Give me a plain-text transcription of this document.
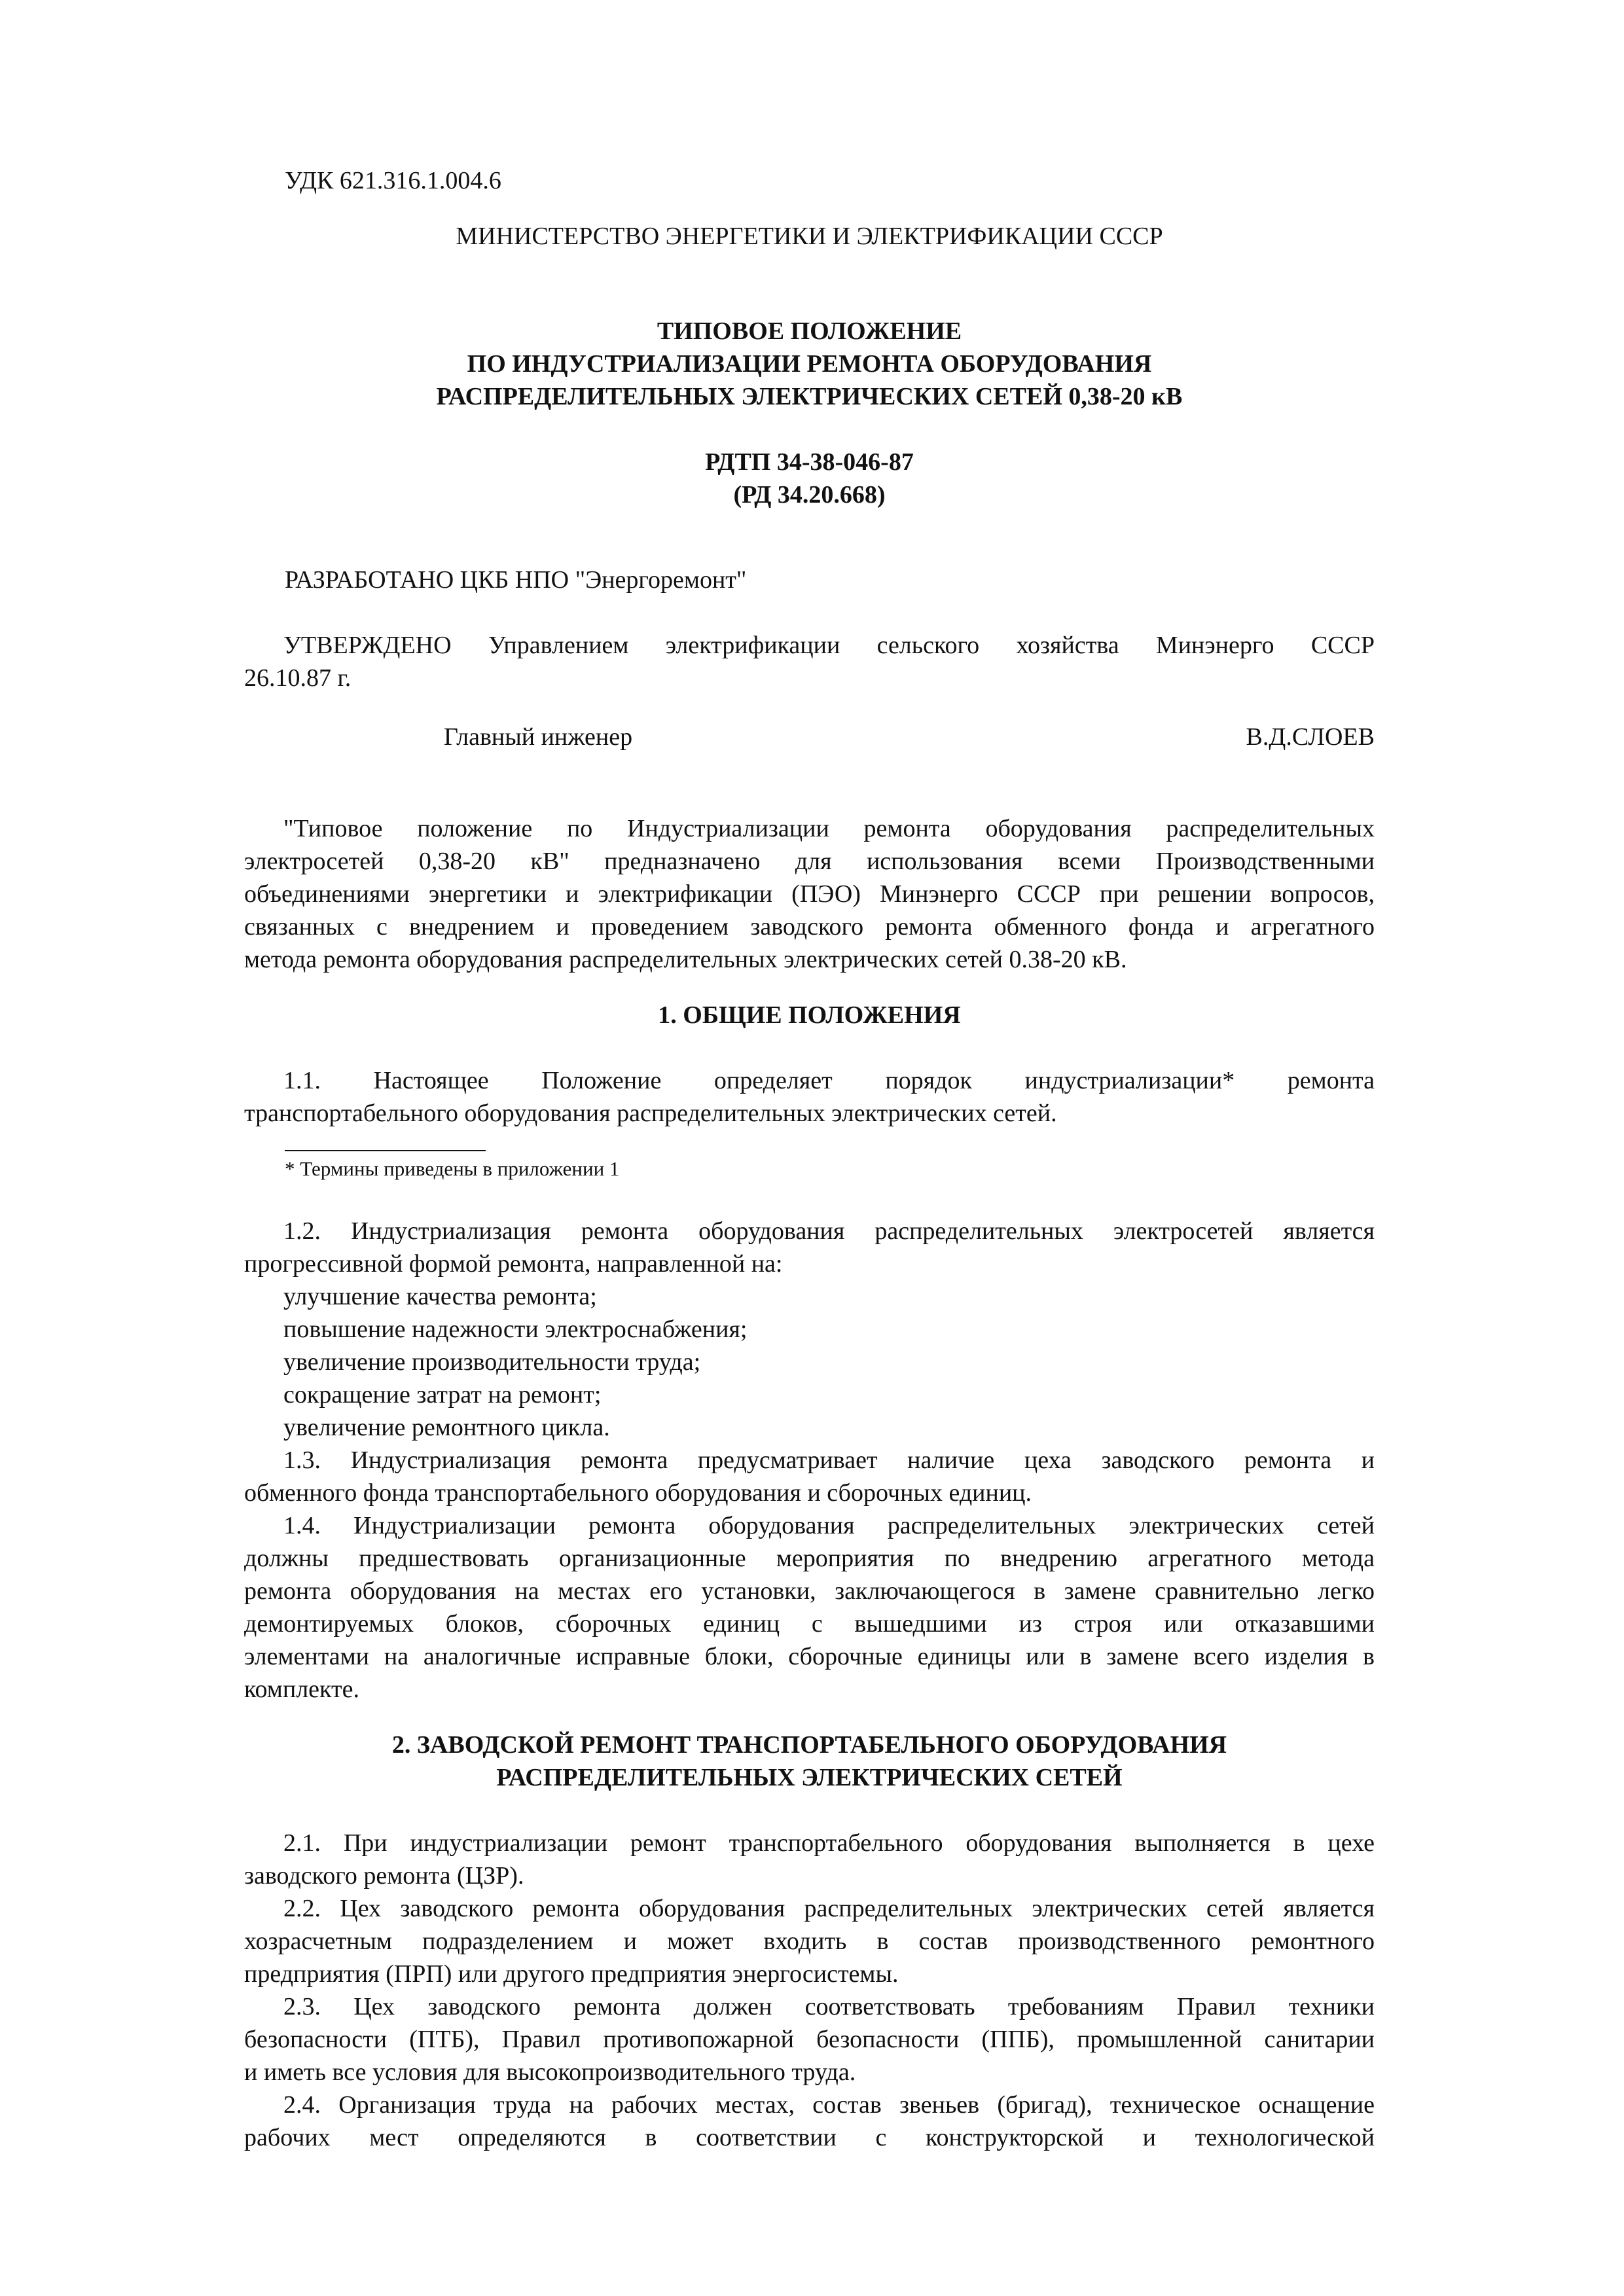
УДК 621.316.1.004.6

МИНИСТЕРСТВО ЭНЕРГЕТИКИ И ЭЛЕКТРИФИКАЦИИ СССР

ТИПОВОЕ ПОЛОЖЕНИЕ

ПО ИНДУСТРИАЛИЗАЦИИ РЕМОНТА ОБОРУДОВАНИЯ

РАСПРЕДЕЛИТЕЛЬНЫХ ЭЛЕКТРИЧЕСКИХ СЕТЕЙ 0,38-20 кВ

РДТП 34-38-046-87

(РД 34.20.668)

РАЗРАБОТАНО ЦКБ НПО "Энергоремонт"

УТВЕРЖДЕНО Управлением электрификации сельского хозяйства Минэнерго СССР

26.10.87 г.

Главный инженер	В.Д.СЛОЕВ

"Типовое положение по Индустриализации ремонта оборудования распределительных

электросетей 0,38-20 кВ" предназначено для использования всеми Производственными

объединениями энергетики и электрификации (ПЭО) Минэнерго СССР при решении вопросов,

связанных с внедрением и проведением заводского ремонта обменного фонда и агрегатного

метода ремонта оборудования распределительных электрических сетей 0.38-20 кВ.

1. ОБЩИЕ ПОЛОЖЕНИЯ

1.1. Настоящее Положение определяет порядок индустриализации* ремонта

транспортабельного оборудования распределительных электрических сетей.

* Термины приведены в приложении 1

1.2. Индустриализация ремонта оборудования распределительных электросетей является

прогрессивной формой ремонта, направленной на:

улучшение качества ремонта;

повышение надежности электроснабжения;

увеличение производительности труда;

сокращение затрат на ремонт;

увеличение ремонтного цикла.

1.3. Индустриализация ремонта предусматривает наличие цеха заводского ремонта и

обменного фонда транспортабельного оборудования и сборочных единиц.

1.4. Индустриализации ремонта оборудования распределительных электрических сетей

должны предшествовать организационные мероприятия по внедрению агрегатного метода

ремонта оборудования на местах его установки, заключающегося в замене сравнительно легко

демонтируемых блоков, сборочных единиц с вышедшими из строя или отказавшими

элементами на аналогичные исправные блоки, сборочные единицы или в замене всего изделия в

комплекте.

2. ЗАВОДСКОЙ РЕМОНТ ТРАНСПОРТАБЕЛЬНОГО ОБОРУДОВАНИЯ

РАСПРЕДЕЛИТЕЛЬНЫХ ЭЛЕКТРИЧЕСКИХ СЕТЕЙ

2.1. При индустриализации ремонт транспортабельного оборудования выполняется в цехе

заводского ремонта (ЦЗР).

2.2. Цех заводского ремонта оборудования распределительных электрических сетей является

хозрасчетным подразделением и может входить в состав производственного ремонтного

предприятия (ПРП) или другого предприятия энергосистемы.

2.3. Цех заводского ремонта должен соответствовать требованиям Правил техники

безопасности (ПТБ), Правил противопожарной безопасности (ППБ), промышленной санитарии

и иметь все условия для высокопроизводительного труда.

2.4. Организация труда на рабочих местах, состав звеньев (бригад), техническое оснащение

рабочих мест определяются в соответствии с конструкторской и технологической
